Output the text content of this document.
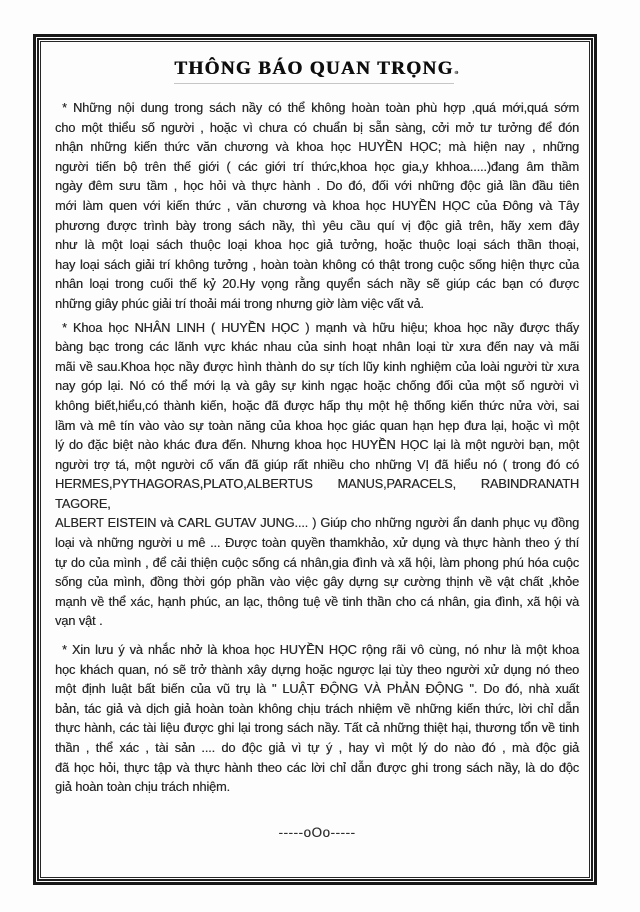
THÔNG BÁO QUAN TRỌNG.
* Những nội dung trong sách nầy có thể không hoàn toàn phù hợp ,quá mới,quá sớm
cho một thiểu số người , hoặc vì chưa có chuẩn bị sẵn sàng, cởi mở tư tưởng để đón
nhận những kiến thức văn chương và khoa học HUYỀN HỌC; mà hiện nay , những
người tiến bộ trên thế giới ( các giới trí thức,khoa học gia,y khhoa.....)đang âm thầm
ngày đêm sưu tầm , học hỏi và thực hành . Do đó, đối với những độc giả lần đầu tiên
mới làm quen với kiến thức , văn chương và khoa học HUYỀN HỌC của Đông và Tây
phương được trình bày trong sách nầy, thì yêu cầu quí vị độc giả trên, hãy xem đây
như là một loại sách thuộc loại khoa học giả tưởng, hoặc thuộc loại sách thần thoại,
hay loại sách giải trí không tưởng , hoàn toàn không có thật trong cuộc sống hiện thực của
nhân loại trong cuối thế kỷ 20.Hy vọng rằng quyển sách nầy sẽ giúp các bạn có được
những giây phúc giải trí thoải mái trong nhưng giờ làm việc vất vả.
* Khoa học NHÂN LINH ( HUYỀN HỌC ) mạnh và hữu hiệu; khoa học nầy được thấy
bàng bạc trong các lãnh vực khác nhau của sinh hoạt nhân loại từ xưa đến nay và mãi
mãi về sau.Khoa học nầy được hình thành do sự tích lũy kinh nghiệm của loài người từ xưa
nay góp lại. Nó có thể mới lạ và gây sự kinh ngạc hoặc chống đối của một số người vì
không biết,hiểu,có thành kiến, hoặc đã được hấp thụ một hệ thống kiến thức nửa vời, sai
lầm và mê tín vào vào sự toàn năng của khoa học giác quan hạn hẹp đưa lại, hoặc vì một
lý do đặc biệt nào khác đưa đến. Nhưng khoa học HUYỀN HỌC lại là một người bạn, một
người trợ tá, một người cố vấn đã giúp rất nhiều cho những VỊ đã hiểu nó ( trong đó có
HERMES,PYTHAGORAS,PLATO,ALBERTUS MANUS,PARACELS, RABINDRANATH TAGORE,
ALBERT EISTEIN và CARL GUTAV JUNG.... ) Giúp cho những người ẩn danh phục vụ đồng
loại và những người u mê ... Được toàn quyền thamkhảo, xử dụng và thực hành theo ý thí
tự do của mình , để cải thiện cuộc sống cá nhân,gia đình và xã hội, làm phong phú hóa cuộc
sống của mình, đồng thời góp phần vào việc gây dựng sự cường thịnh về vật chất ,khỏe
mạnh về thể xác, hạnh phúc, an lạc, thông tuệ về tinh thần cho cá nhân, gia đình, xã hội và
vạn vật .
* Xin lưu ý và nhắc nhở là khoa học HUYỀN HỌC rộng rãi vô cùng, nó như là một khoa
học khách quan, nó sẽ trở thành xây dựng hoặc ngược lại tùy theo người xử dụng nó theo
một định luật bất biến của vũ trụ là " LUẬT ĐỘNG VÀ PhẢN ĐỘNG ". Do đó, nhà xuất
bản, tác giả và dịch giả hoàn toàn không chịu trách nhiệm về những kiến thức, lời chỉ dẫn
thực hành, các tài liệu được ghi lại trong sách nầy. Tất cả những thiệt hại, thương tổn về tinh
thần , thể xác , tài sản .... do độc giả vì tự ý , hay vì một lý do nào đó , mà độc giả
đã học hỏi, thực tập và thực hành theo các lời chỉ dẫn được ghi trong sách nầy, là do độc
giả hoàn toàn chịu trách nhiệm.
-----oOo-----
